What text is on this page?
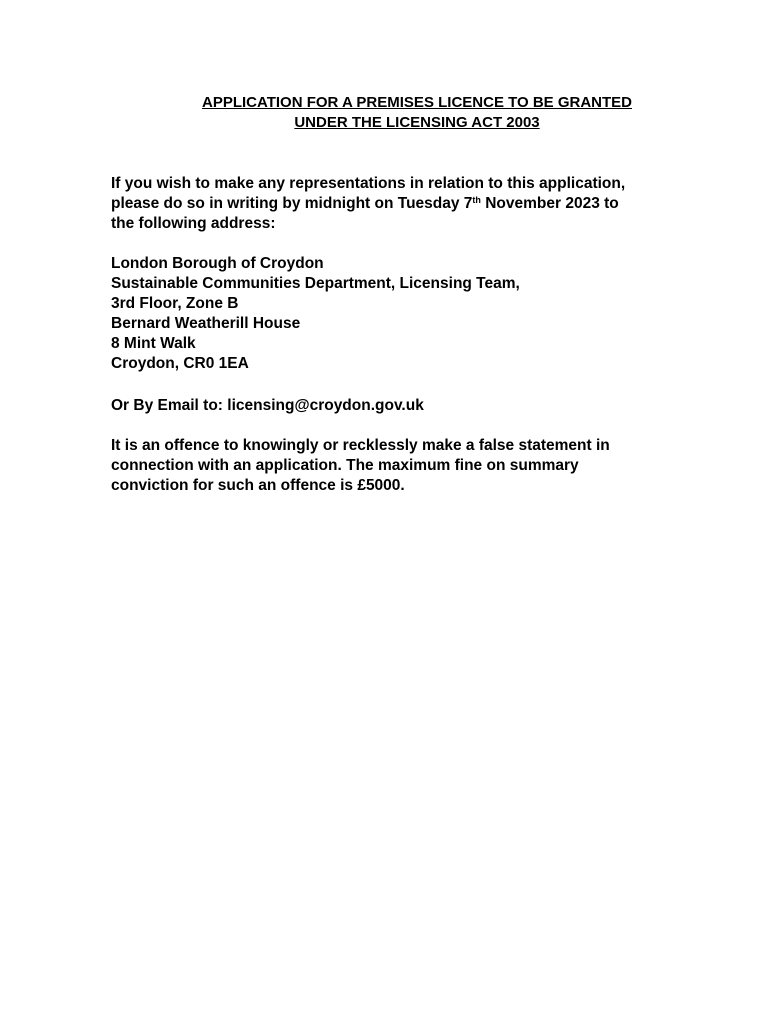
APPLICATION FOR A PREMISES LICENCE TO BE GRANTED

UNDER THE LICENSING ACT 2003

If you wish to make any representations in relation to this application,
please do so in writing by midnight on Tuesday 7th November 2023 to
the following address:

London Borough of Croydon
Sustainable Communities Department, Licensing Team,
3rd Floor, Zone B
Bernard Weatherill House
8 Mint Walk
Croydon, CR0 1EA

Or By Email to: licensing@croydon.gov.uk

It is an offence to knowingly or recklessly make a false statement in
connection with an application. The maximum fine on summary
conviction for such an offence is £5000.
